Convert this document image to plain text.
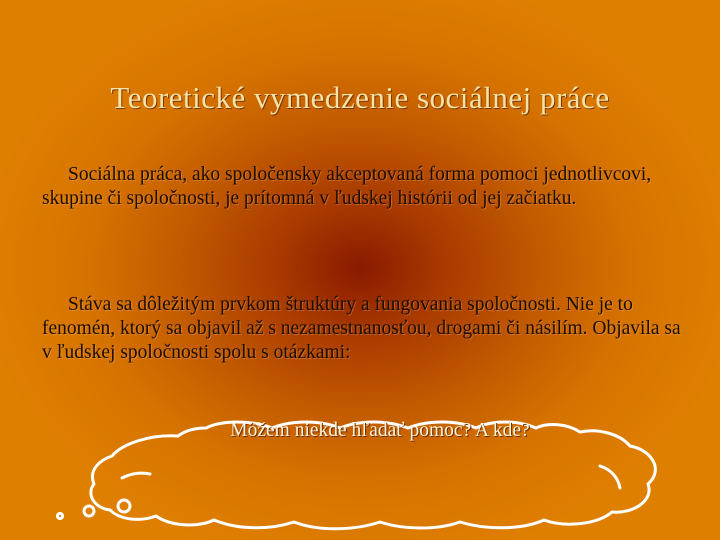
Teoretické vymedzenie sociálnej práce
Sociálna práca, ako spoločensky akceptovaná forma pomoci jednotlivcovi, skupine či spoločnosti, je prítomná v ľudskej histórii od jej začiatku.
Stáva sa dôležitým prvkom štruktúry a fungovania spoločnosti. Nie je to fenomén, ktorý sa objavil až s nezamestnanosťou, drogami či násilím. Objavila sa v ľudskej spoločnosti spolu s otázkami:
Môžem niekde hľadať pomoc? A kde?
